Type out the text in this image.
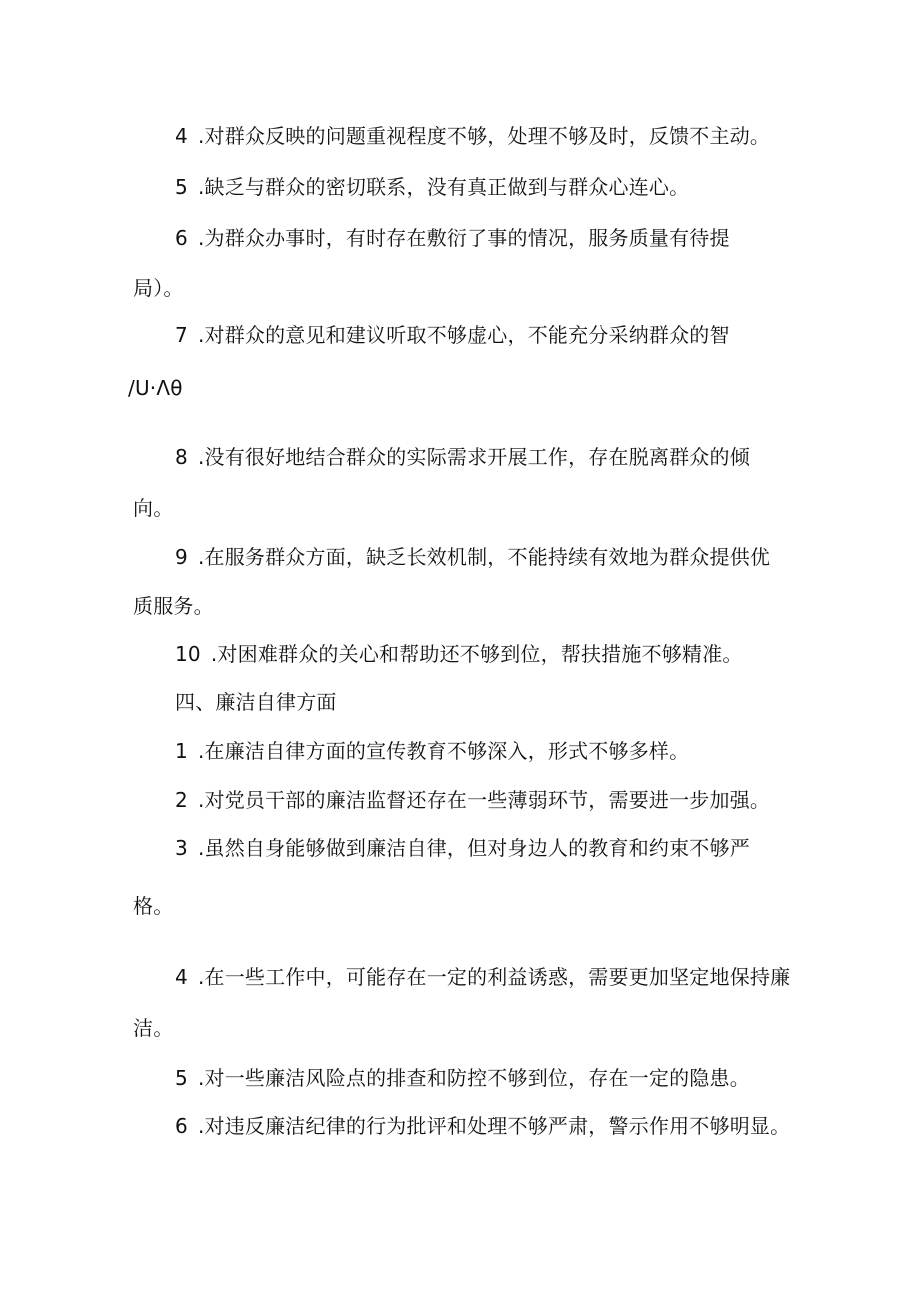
4 .对群众反映的问题重视程度不够，处理不够及时，反馈不主动。
5 .缺乏与群众的密切联系，没有真正做到与群众心连心。
6 .为群众办事时，有时存在敷衍了事的情况，服务质量有待提
局）。
7 .对群众的意见和建议听取不够虚心，不能充分采纳群众的智
/U·Λθ
8 .没有很好地结合群众的实际需求开展工作，存在脱离群众的倾
向。
9 .在服务群众方面，缺乏长效机制，不能持续有效地为群众提供优
质服务。
10 .对困难群众的关心和帮助还不够到位，帮扶措施不够精准。
四、廉洁自律方面
1 .在廉洁自律方面的宣传教育不够深入，形式不够多样。
2 .对党员干部的廉洁监督还存在一些薄弱环节，需要进一步加强。
3 .虽然自身能够做到廉洁自律，但对身边人的教育和约束不够严
格。
4 .在一些工作中，可能存在一定的利益诱惑，需要更加坚定地保持廉
洁。
5 .对一些廉洁风险点的排查和防控不够到位，存在一定的隐患。
6 .对违反廉洁纪律的行为批评和处理不够严肃，警示作用不够明显。
